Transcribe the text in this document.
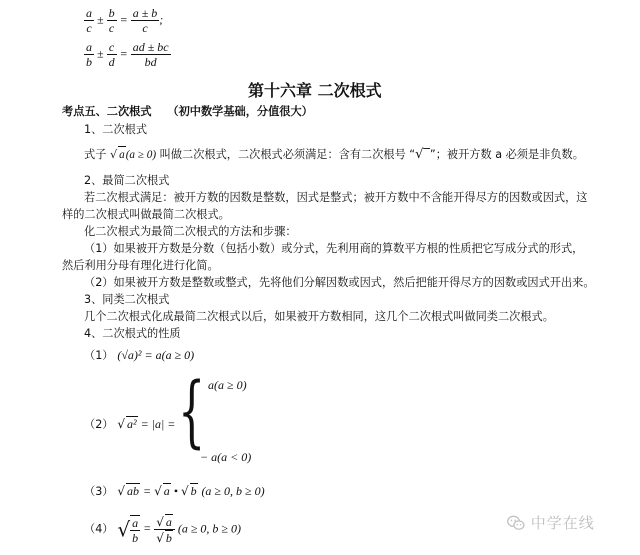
$\frac{a}{c} \pm \frac{b}{c} = \frac{a \pm b}{c}$ ;
$\frac{a}{b} \pm \frac{c}{d} = \frac{ad \pm bc}{bd}$
第十六章 二次根式
考点五、二次根式 （初中数学基础，分值很大）
1、二次根式
式子 √ a(a ≥ 0) 叫做二次根式，二次根式必须满足：含有二次根号 “√‾”；被开方数 a 必须是非负数。
2、最简二次根式
若二次根式满足：被开方数的因数是整数，因式是整式；被开方数中不含能开得尽方的因数或因式，这
样的二次根式叫做最简二次根式。
化二次根式为最简二次根式的方法和步骤：
（1）如果被开方数是分数（包括小数）或分式，先利用商的算数平方根的性质把它写成分式的形式，
然后利用分母有理化进行化简。
（2）如果被开方数是整数或整式，先将他们分解因数或因式，然后把能开得尽方的因数或因式开出来。
3、同类二次根式
几个二次根式化成最简二次根式以后，如果被开方数相同，这几个二次根式叫做同类二次根式。
4、二次根式的性质
（1） (√a)² = a(a ≥ 0)
（2） √ a² = |a| = { a(a ≥ 0)
− a(a < 0)
（3） √ ab = √ a • √ b (a ≥ 0, b ≥ 0)
（4） √ $\frac{a}{b} = \frac{√ a}{√ b} (a \ge 0$, b ≥ 0)	中学在线
